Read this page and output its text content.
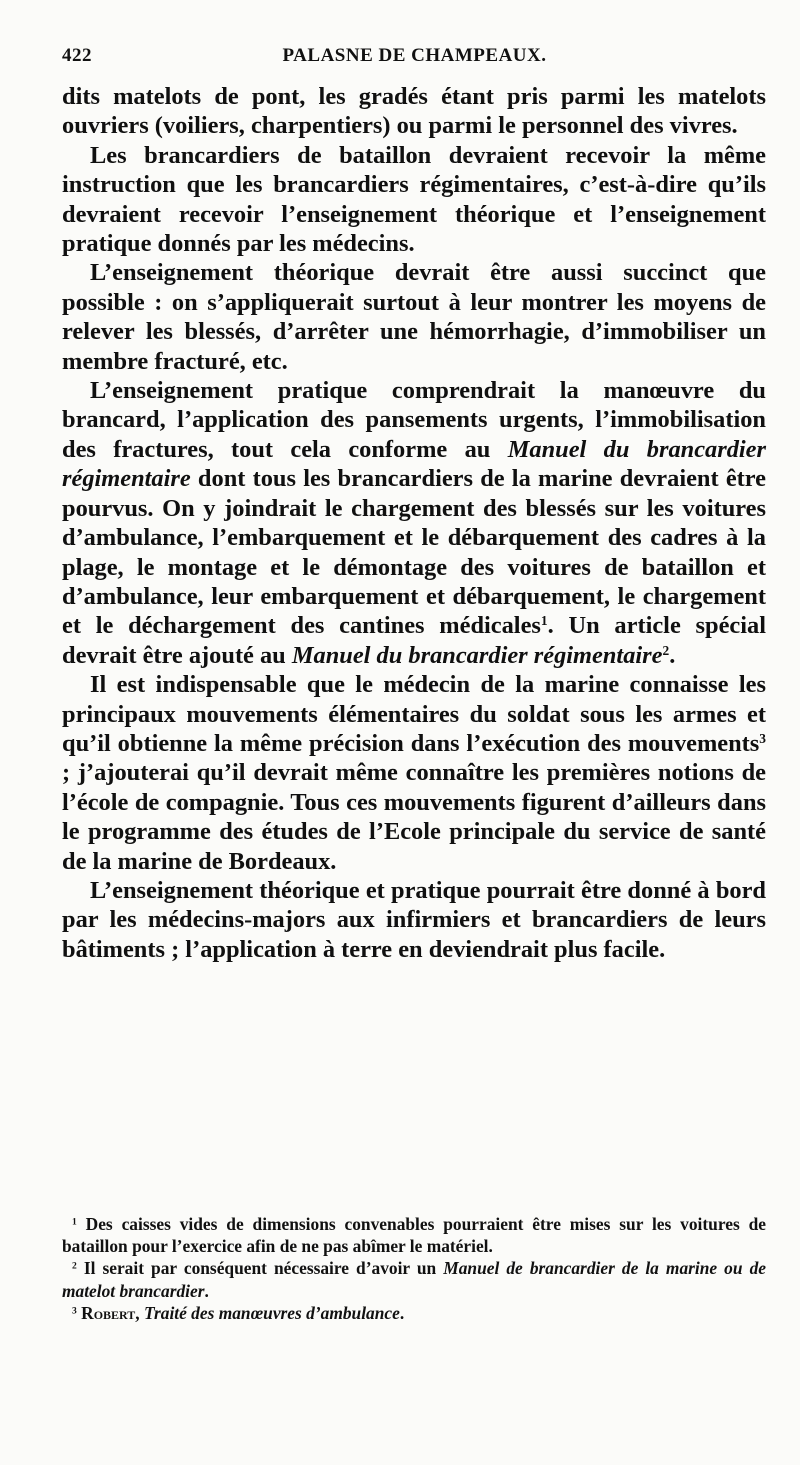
422	PALASNE DE CHAMPEAUX.

dits matelots de pont, les gradés étant pris parmi les matelots ouvriers (voiliers, charpentiers) ou parmi le personnel des vivres.

Les brancardiers de bataillon devraient recevoir la même instruction que les brancardiers régimentaires, c’est-à-dire qu’ils devraient recevoir l’enseignement théorique et l’enseignement pratique donnés par les médecins.

L’enseignement théorique devrait être aussi succinct que possible : on s’appliquerait surtout à leur montrer les moyens de relever les blessés, d’arrêter une hémorrhagie, d’immobiliser un membre fracturé, etc.

L’enseignement pratique comprendrait la manœuvre du brancard, l’application des pansements urgents, l’immobilisation des fractures, tout cela conforme au Manuel du brancardier régimentaire dont tous les brancardiers de la marine devraient être pourvus. On y joindrait le chargement des blessés sur les voitures d’ambulance, l’embarquement et le débarquement des cadres à la plage, le montage et le démontage des voitures de bataillon et d’ambulance, leur embarquement et débarquement, le chargement et le déchargement des cantines médicales$^1$. Un article spécial devrait être ajouté au Manuel du brancardier régimentaire$^2$.

Il est indispensable que le médecin de la marine connaisse les principaux mouvements élémentaires du soldat sous les armes et qu’il obtienne la même précision dans l’exécution des mouvements$^3$ ; j’ajouterai qu’il devrait même connaître les premières notions de l’école de compagnie. Tous ces mouvements figurent d’ailleurs dans le programme des études de l’Ecole principale du service de santé de la marine de Bordeaux.

L’enseignement théorique et pratique pourrait être donné à bord par les médecins-majors aux infirmiers et brancardiers de leurs bâtiments ; l’application à terre en deviendrait plus facile.

$^1$ Des caisses vides de dimensions convenables pourraient être mises sur les voitures de bataillon pour l’exercice afin de ne pas abîmer le matériel.

$^2$ Il serait par conséquent nécessaire d’avoir un Manuel de brancardier de la marine ou de matelot brancardier.

$^3$ Robert, Traité des manœuvres d’ambulance.
